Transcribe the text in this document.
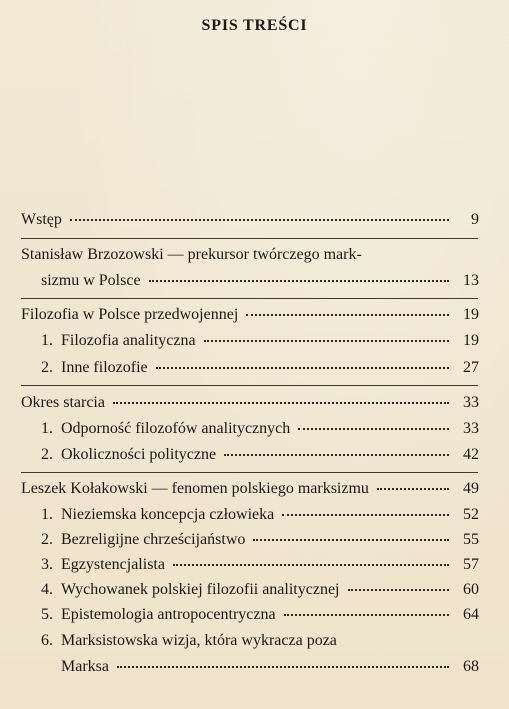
SPIS TREŚCI
Wstęp	9
Stanisław Brzozowski — prekursor twórczego mark-
sizmu w Polsce	13
Filozofia w Polsce przedwojennej	19
1. Filozofia analityczna	19
2. Inne filozofie	27
Okres starcia	33
1. Odporność filozofów analitycznych	33
2. Okoliczności polityczne	42
Leszek Kołakowski — fenomen polskiego marksizmu	49
1. Nieziemska koncepcja człowieka	52
2. Bezreligijne chrześcijaństwo	55
3. Egzystencjalista	57
4. Wychowanek polskiej filozofii analitycznej	60
5. Epistemologia antropocentryczna	64
6. Marksistowska wizja, która wykracza poza
Marksa	68
